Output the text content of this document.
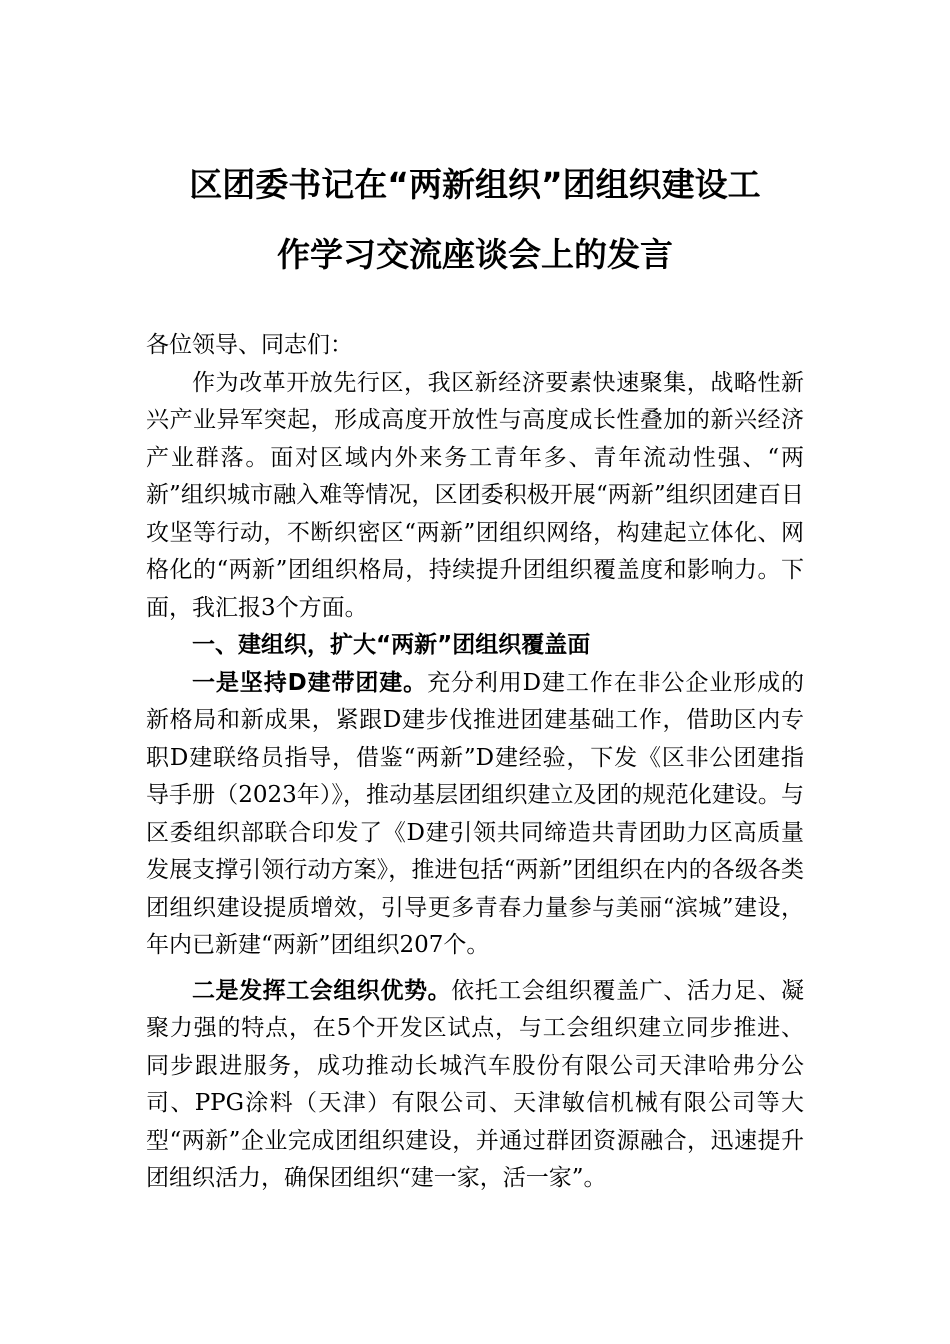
区团委书记在“两新组织”团组织建设工
作学习交流座谈会上的发言

各位领导、同志们：

作为改革开放先行区，我区新经济要素快速聚集，战略性新兴产业异军突起，形成高度开放性与高度成长性叠加的新兴经济产业群落。面对区域内外来务工青年多、青年流动性强、“两新”组织城市融入难等情况，区团委积极开展“两新”组织团建百日攻坚等行动，不断织密区“两新”团组织网络，构建起立体化、网格化的“两新”团组织格局，持续提升团组织覆盖度和影响力。下面，我汇报3个方面。

一、建组织，扩大“两新”团组织覆盖面

一是坚持D建带团建。充分利用D建工作在非公企业形成的新格局和新成果，紧跟D建步伐推进团建基础工作，借助区内专职D建联络员指导，借鉴“两新”D建经验，下发《区非公团建指导手册（2023年）》，推动基层团组织建立及团的规范化建设。与区委组织部联合印发了《D建引领共同缔造共青团助力区高质量发展支撑引领行动方案》，推进包括“两新”团组织在内的各级各类团组织建设提质增效，引导更多青春力量参与美丽“滨城”建设，年内已新建“两新”团组织207个。

二是发挥工会组织优势。依托工会组织覆盖广、活力足、凝聚力强的特点，在5个开发区试点，与工会组织建立同步推进、同步跟进服务，成功推动长城汽车股份有限公司天津哈弗分公司、PPG涂料（天津）有限公司、天津敏信机械有限公司等大型“两新”企业完成团组织建设，并通过群团资源融合，迅速提升团组织活力，确保团组织“建一家，活一家”。
